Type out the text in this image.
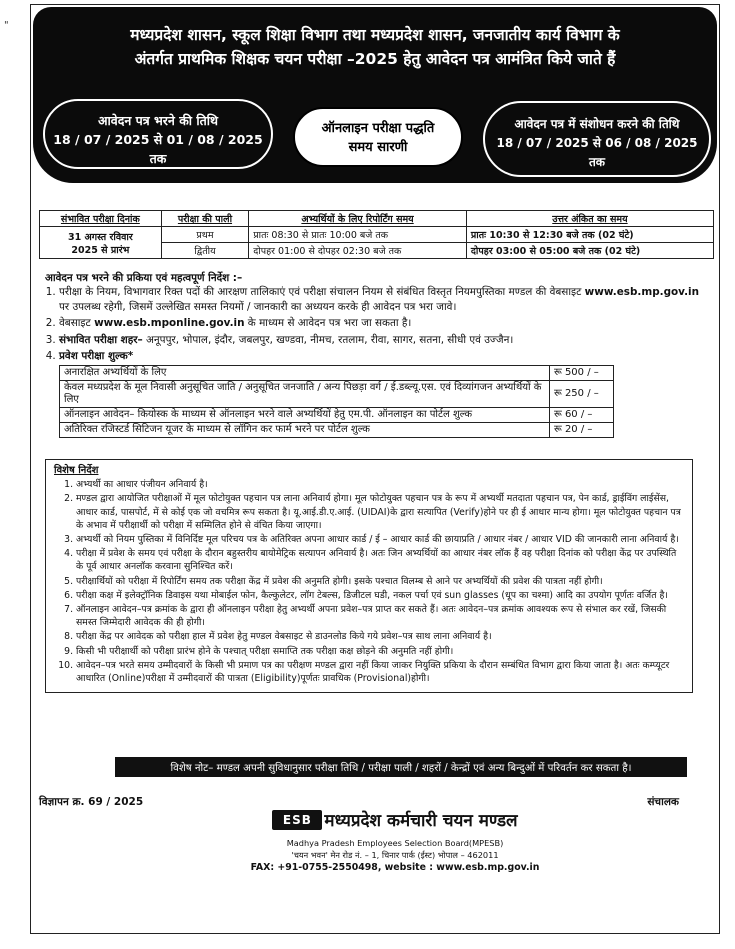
"
मध्यप्रदेश शासन, स्कूल शिक्षा विभाग तथा मध्यप्रदेश शासन, जनजातीय कार्य विभाग के
अंतर्गत प्राथमिक शिक्षक चयन परीक्षा –2025 हेतु आवेदन पत्र आमंत्रित किये जाते हैं
आवेदन पत्र भरने की तिथि
18 / 07 / 2025 से 01 / 08 / 2025 तक
ऑनलाइन परीक्षा पद्धति
समय सारणी
आवेदन पत्र में संशोधन करने की तिथि
18 / 07 / 2025 से 06 / 08 / 2025
तक
संभावित परीक्षा दिनांक	परीक्षा की पाली	अभ्यर्थियों के लिए रिपोर्टिंग समय	उत्तर अंकित का समय

31 अगस्त रविवार
2025 से प्रारंभ	प्रथम	प्रातः 08:30 से प्रातः 10:00 बजे तक	प्रातः 10:30 से 12:30 बजे तक (02 घंटे)
	द्वितीय	दोपहर 01:00 से दोपहर 02:30 बजे तक	दोपहर 03:00 से 05:00 बजे तक (02 घंटे)

आवेदन पत्र भरने की प्रकिया एवं महत्वपूर्ण निर्देश :–

1. परीक्षा के नियम, विभागवार रिक्त पदों की आरक्षण तालिकाएं एवं परीक्षा संचालन नियम से संबंधित विस्तृत नियमपुस्तिका मण्डल की वेबसाइट www.esb.mp.gov.in पर उपलब्ध रहेगी, जिसमें उल्लेखित समस्त नियमों / जानकारी का अध्ययन करके ही आवेदन पत्र भरा जावे।
2. वेबसाइट www.esb.mponline.gov.in के माध्यम से आवेदन पत्र भरा जा सकता है।
3. संभावित परीक्षा शहर– अनूपपुर, भोपाल, इंदौर, जबलपुर, खण्डवा, नीमच, रतलाम, रीवा, सागर, सतना, सीधी एवं उज्जैन।
4. प्रवेश परीक्षा शुल्क*
अनारक्षित अभ्यर्थियों के लिए	रू 500 / –
केवल मध्यप्रदेश के मूल निवासी अनुसूचित जाति / अनुसूचित जनजाति / अन्य पिछड़ा वर्ग / ई.डब्ल्यू.एस. एवं दिव्यांगजन अभ्यर्थियों के लिए	रू 250 / –
ऑनलाइन आवेदन– कियोस्क के माध्यम से ऑनलाइन भरने वाले अभ्यर्थियों हेतु एम.पी. ऑनलाइन का पोर्टल शुल्क	रू 60 / –
अतिरिक्त रजिस्टर्ड सिटिजन यूजर के माध्यम से लॉगिन कर फार्म भरने पर पोर्टल शुल्क	रू 20 / –
विशेष निर्देश
1. अभ्यर्थी का आधार पंजीयन अनिवार्य है।
2. मण्डल द्वारा आयोजित परीक्षाओं में मूल फोटोयुक्त पहचान पत्र लाना अनिवार्य होगा। मूल फोटोयुक्त पहचान पत्र के रूप में अभ्यर्थी मतदाता पहचान पत्र, पेन कार्ड, ड्राईविंग लाईसेंस, आधार कार्ड, पासपोर्ट, में से कोई एक जो वचमित्र रूप सकता है। यू.आई.डी.ए.आई. (UIDAI)के द्वारा सत्यापित (Verify)होने पर ही ई आधार मान्य होगा। मूल फोटोयुक्त पहचान पत्र के अभाव में परीक्षार्थी को परीक्षा में सम्मिलित होने से वंचित किया जाएगा।
3. अभ्यर्थी को नियम पुस्तिका में विनिर्दिष्ट मूल परिचय पत्र के अतिरिक्त अपना आधार कार्ड / ई – आधार कार्ड की छायाप्रति / आधार नंबर / आधार VID की जानकारी लाना अनिवार्य है।
4. परीक्षा में प्रवेश के समय एवं परीक्षा के दौरान बहुस्तरीय बायोमेट्रिक सत्यापन अनिवार्य है। अतः जिन अभ्यर्थियों का आधार नंबर लॉक हैं वह परीक्षा दिनांक को परीक्षा केंद्र पर उपस्थिति के पूर्व आधार अनलॉक करवाना सुनिश्चित करें।
5. परीक्षार्थियों को परीक्षा में रिपोर्टिंग समय तक परीक्षा केंद्र में प्रवेश की अनुमति होगी। इसके पश्चात विलम्ब से आने पर अभ्यर्थियों की प्रवेश की पात्रता नहीं होगी।
6. परीक्षा कक्ष में इलेक्ट्रॉनिक डिवाइस यथा मोबाईल फोन, कैल्कुलेटर, लॉग टेबल्स, डिजीटल घडी, नकल पर्चा एवं sun glasses (धूप का चश्मा) आदि का उपयोग पूर्णतः वर्जित है।
7. ऑनलाइन आवेदन–पत्र क्रमांक के द्वारा ही ऑनलाइन परीक्षा हेतु अभ्यर्थी अपना प्रवेश–पत्र प्राप्त कर सकते हैं। अतः आवेदन–पत्र क्रमांक आवश्यक रूप से संभाल कर रखें, जिसकी समस्त जिम्मेदारी आवेदक की ही होगी।
8. परीक्षा केंद्र पर आवेदक को परीक्षा हाल में प्रवेश हेतु मण्डल वेबसाइट से डाउनलोड किये गये प्रवेश–पत्र साथ लाना अनिवार्य है।
9. किसी भी परीक्षार्थी को परीक्षा प्रारंभ होने के पश्चात् परीक्षा समाप्ति तक परीक्षा कक्ष छोड़ने की अनुमति नहीं होगी।
10. आवेदन–पत्र भरते समय उम्मीदवारों के किसी भी प्रमाण पत्र का परीक्षण मण्डल द्वारा नहीं किया जाकर नियुक्ति प्रकिया के दौरान सम्बंधित विभाग द्वारा किया जाता है। अतः कम्प्यूटर आधारित (Online)परीक्षा में उम्मीदवारों की पात्रता (Eligibility)पूर्णतः प्रावधिक (Provisional)होगी।
विशेष नोट– मण्डल अपनी सुविधानुसार परीक्षा तिथि / परीक्षा पाली / शहरों / केन्द्रों एवं अन्य बिन्दुओं में परिवर्तन कर सकता है।
विज्ञापन क्र. 69 / 2025	संचालक
ESB मध्यप्रदेश कर्मचारी चयन मण्डल
Madhya Pradesh Employees Selection Board(MPESB)
'चयन भवन' मेन रोड नं. – 1, चिनार पार्क (ईस्ट) भोपाल – 462011
FAX: +91-0755-2550498, website : www.esb.mp.gov.in
